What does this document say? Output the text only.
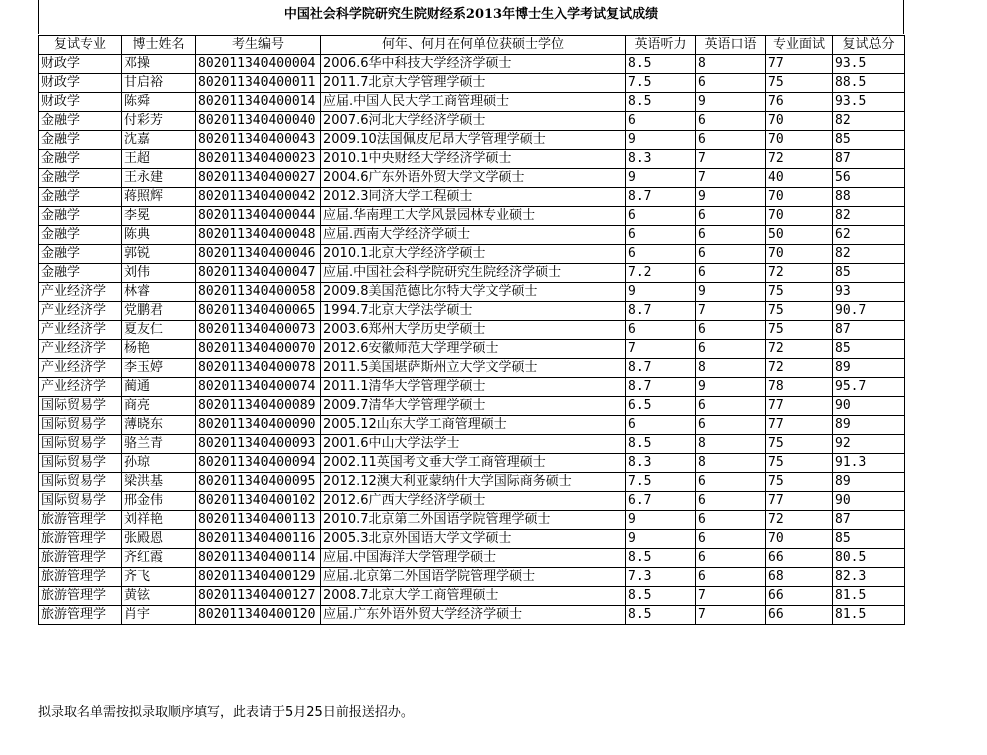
中国社会科学院研究生院财经系2013年博士生入学考试复试成绩
复试专业	博士姓名	考生编号	何年、何月在何单位获硕士学位	英语听力	英语口语	专业面试	复试总分
财政学	邓操	802011340400004	2006.6华中科技大学经济学硕士	8.5	8	77	93.5
财政学	甘启裕	802011340400011	2011.7北京大学管理学硕士	7.5	6	75	88.5
财政学	陈舜	802011340400014	应届.中国人民大学工商管理硕士	8.5	9	76	93.5
金融学	付彩芳	802011340400040	2007.6河北大学经济学硕士	6	6	70	82
金融学	沈嘉	802011340400043	2009.10法国佩皮尼昂大学管理学硕士	9	6	70	85
金融学	王超	802011340400023	2010.1中央财经大学经济学硕士	8.3	7	72	87
金融学	王永建	802011340400027	2004.6广东外语外贸大学文学硕士	9	7	40	56
金融学	蒋照辉	802011340400042	2012.3同济大学工程硕士	8.7	9	70	88
金融学	李冕	802011340400044	应届.华南理工大学风景园林专业硕士	6	6	70	82
金融学	陈典	802011340400048	应届.西南大学经济学硕士	6	6	50	62
金融学	郭锐	802011340400046	2010.1北京大学经济学硕士	6	6	70	82
金融学	刘伟	802011340400047	应届.中国社会科学院研究生院经济学硕士	7.2	6	72	85
产业经济学	林睿	802011340400058	2009.8美国范德比尔特大学文学硕士	9	9	75	93
产业经济学	党鹏君	802011340400065	1994.7北京大学法学硕士	8.7	7	75	90.7
产业经济学	夏友仁	802011340400073	2003.6郑州大学历史学硕士	6	6	75	87
产业经济学	杨艳	802011340400070	2012.6安徽师范大学理学硕士	7	6	72	85
产业经济学	李玉婷	802011340400078	2011.5美国堪萨斯州立大学文学硕士	8.7	8	72	89
产业经济学	蔺通	802011340400074	2011.1清华大学管理学硕士	8.7	9	78	95.7
国际贸易学	商亮	802011340400089	2009.7清华大学管理学硕士	6.5	6	77	90
国际贸易学	薄晓东	802011340400090	2005.12山东大学工商管理硕士	6	6	77	89
国际贸易学	骆兰青	802011340400093	2001.6中山大学法学士	8.5	8	75	92
国际贸易学	孙琼	802011340400094	2002.11英国考文垂大学工商管理硕士	8.3	8	75	91.3
国际贸易学	梁洪基	802011340400095	2012.12澳大利亚蒙纳什大学国际商务硕士	7.5	6	75	89
国际贸易学	邢金伟	802011340400102	2012.6广西大学经济学硕士	6.7	6	77	90
旅游管理学	刘祥艳	802011340400113	2010.7北京第二外国语学院管理学硕士	9	6	72	87
旅游管理学	张殿恩	802011340400116	2005.3北京外国语大学文学硕士	9	6	70	85
旅游管理学	齐红霞	802011340400114	应届.中国海洋大学管理学硕士	8.5	6	66	80.5
旅游管理学	齐飞	802011340400129	应届.北京第二外国语学院管理学硕士	7.3	6	68	82.3
旅游管理学	黄铉	802011340400127	2008.7北京大学工商管理硕士	8.5	7	66	81.5
旅游管理学	肖宇	802011340400120	应届.广东外语外贸大学经济学硕士	8.5	7	66	81.5
拟录取名单需按拟录取顺序填写，此表请于5月25日前报送招办。
